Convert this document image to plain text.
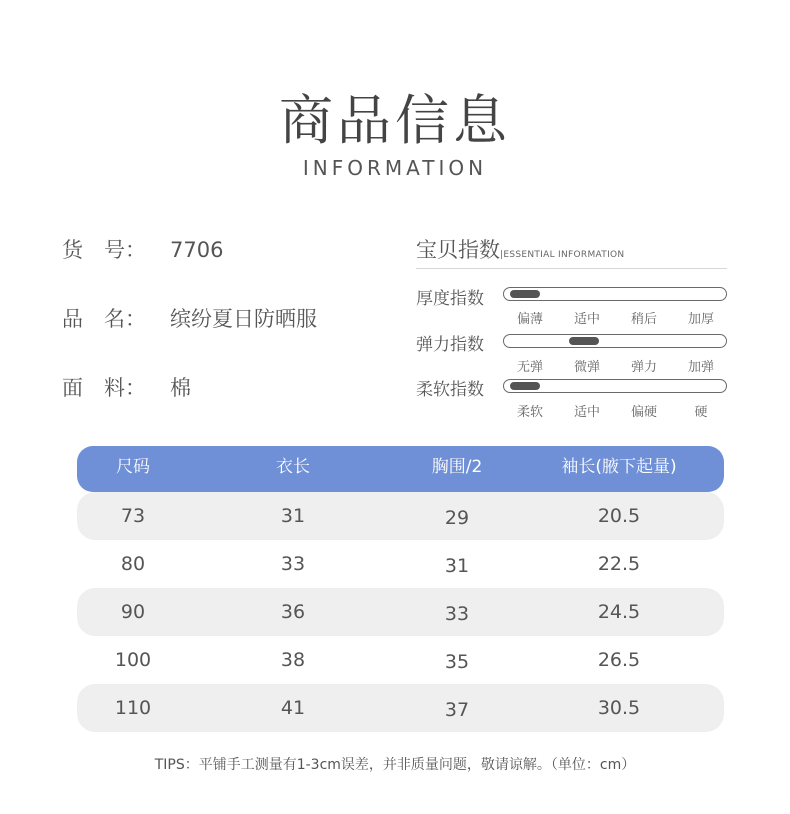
商品信息
INFORMATION
货　号： 7706
品　名： 缤纷夏日防晒服
面　料： 棉
宝贝指数|ESSENTIAL INFORMATION
厚度指数
偏薄	适中	稍后	加厚
弹力指数
无弹	微弹	弹力	加弹
柔软指数
柔软	适中	偏硬	硬
尺码	衣长	胸围/2	袖长(腋下起量)
73	31	29	20.5
80	33	31	22.5
90	36	33	24.5
100	38	35	26.5
110	41	37	30.5
TIPS：平铺手工测量有1-3cm误差，并非质量问题，敬请谅解。（单位：cm）
